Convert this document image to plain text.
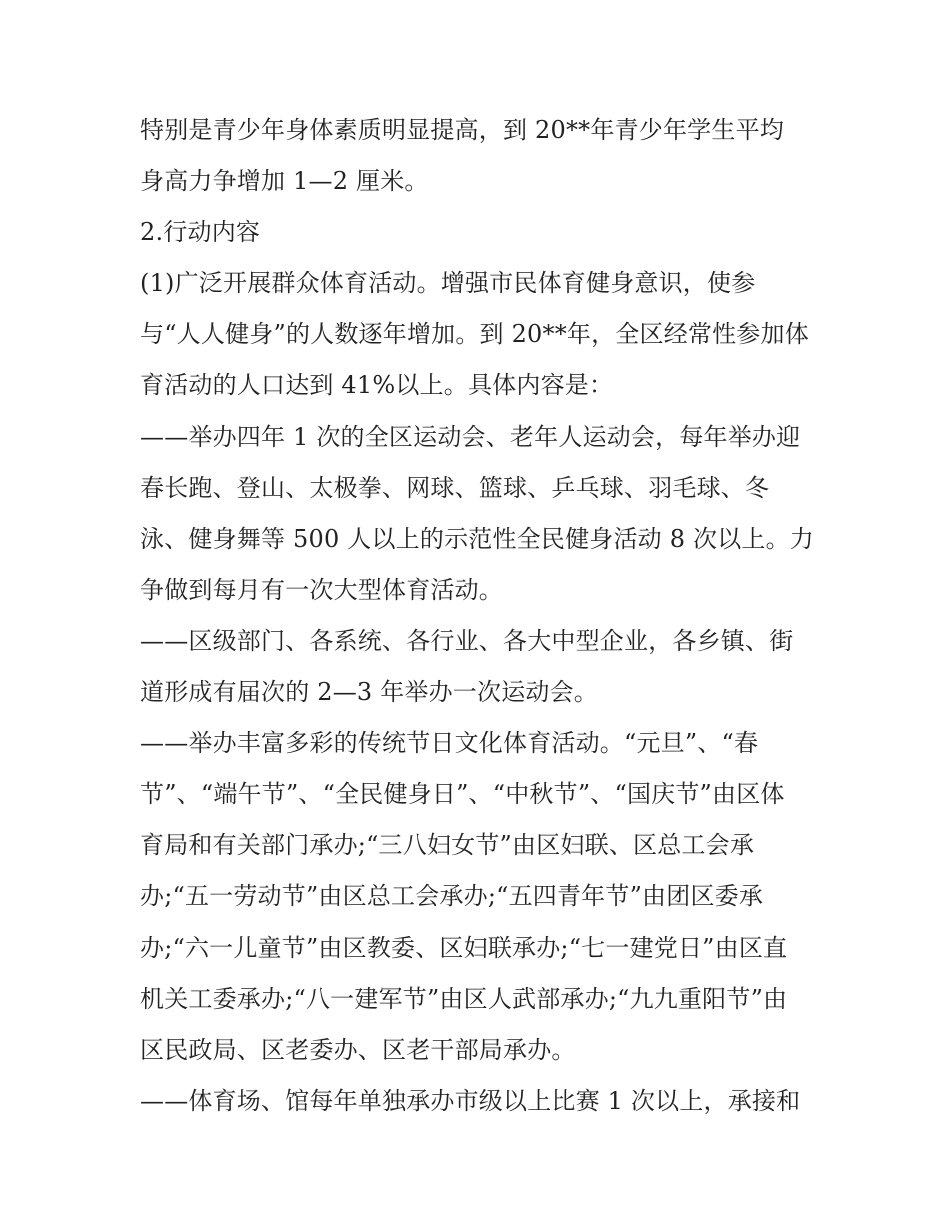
特别是青少年身体素质明显提高，到 20**年青少年学生平均
身高力争增加 1—2 厘米。
2.行动内容
(1)广泛开展群众体育活动。增强市民体育健身意识，使参
与“人人健身”的人数逐年增加。到 20**年，全区经常性参加体
育活动的人口达到 41%以上。具体内容是：
——举办四年 1 次的全区运动会、老年人运动会，每年举办迎
春长跑、登山、太极拳、网球、篮球、乒乓球、羽毛球、冬
泳、健身舞等 500 人以上的示范性全民健身活动 8 次以上。力
争做到每月有一次大型体育活动。
——区级部门、各系统、各行业、各大中型企业，各乡镇、街
道形成有届次的 2—3 年举办一次运动会。
——举办丰富多彩的传统节日文化体育活动。“元旦”、“春
节”、“端午节”、“全民健身日”、“中秋节”、“国庆节”由区体
育局和有关部门承办;“三八妇女节”由区妇联、区总工会承
办;“五一劳动节”由区总工会承办;“五四青年节”由团区委承
办;“六一儿童节”由区教委、区妇联承办;“七一建党日”由区直
机关工委承办;“八一建军节”由区人武部承办;“九九重阳节”由
区民政局、区老委办、区老干部局承办。
——体育场、馆每年单独承办市级以上比赛 1 次以上，承接和
